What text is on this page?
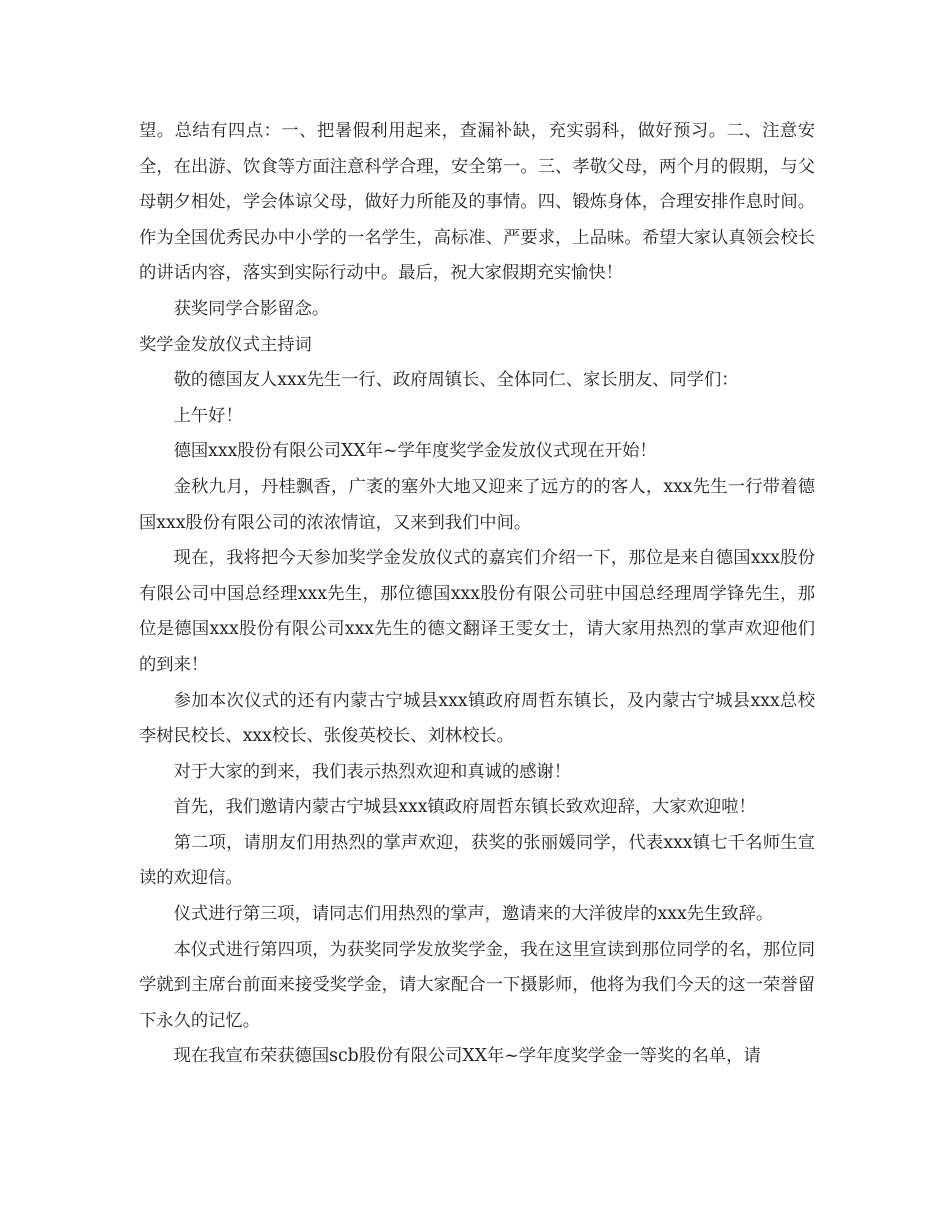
望。总结有四点：一、把暑假利用起来，查漏补缺，充实弱科，做好预习。二、注意安全，在出游、饮食等方面注意科学合理，安全第一。三、孝敬父母，两个月的假期，与父母朝夕相处，学会体谅父母，做好力所能及的事情。四、锻炼身体，合理安排作息时间。作为全国优秀民办中小学的一名学生，高标准、严要求，上品味。希望大家认真领会校长的讲话内容，落实到实际行动中。最后，祝大家假期充实愉快！

获奖同学合影留念。

奖学金发放仪式主持词

敬的德国友人xxx先生一行、政府周镇长、全体同仁、家长朋友、同学们：

上午好！

德国xxx股份有限公司XX年~学年度奖学金发放仪式现在开始！

金秋九月，丹桂飘香，广袤的塞外大地又迎来了远方的的客人，xxx先生一行带着德国xxx股份有限公司的浓浓情谊，又来到我们中间。

现在，我将把今天参加奖学金发放仪式的嘉宾们介绍一下，那位是来自德国xxx股份有限公司中国总经理xxx先生，那位德国xxx股份有限公司驻中国总经理周学锋先生，那位是德国xxx股份有限公司xxx先生的德文翻译王雯女士，请大家用热烈的掌声欢迎他们的到来！

参加本次仪式的还有内蒙古宁城县xxx镇政府周哲东镇长，及内蒙古宁城县xxx总校李树民校长、xxx校长、张俊英校长、刘林校长。

对于大家的到来，我们表示热烈欢迎和真诚的感谢！

首先，我们邀请内蒙古宁城县xxx镇政府周哲东镇长致欢迎辞，大家欢迎啦！

第二项，请朋友们用热烈的掌声欢迎，获奖的张丽媛同学，代表xxx镇七千名师生宣读的欢迎信。

仪式进行第三项，请同志们用热烈的掌声，邀请来的大洋彼岸的xxx先生致辞。

本仪式进行第四项，为获奖同学发放奖学金，我在这里宣读到那位同学的名，那位同学就到主席台前面来接受奖学金，请大家配合一下摄影师，他将为我们今天的这一荣誉留下永久的记忆。

现在我宣布荣获德国scb股份有限公司XX年~学年度奖学金一等奖的名单，请
